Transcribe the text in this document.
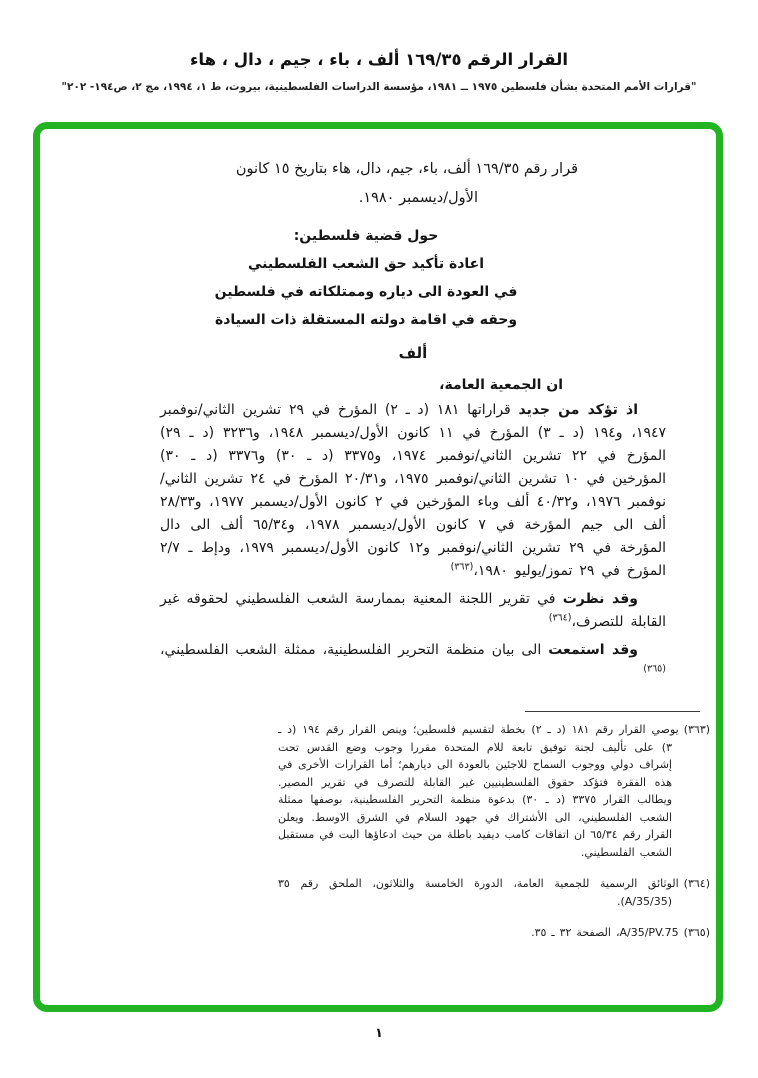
القرار الرقم ١٦٩/٣٥ ألف ، باء ، جيم ، دال ، هاء
"قرارات الأمم المتحدة بشأن فلسطين ١٩٧٥ ــ ١٩٨١، مؤسسة الدراسات الفلسطينية، بيروت، ط ١، ١٩٩٤، مج ٢، ص١٩٤- ٢٠٢"
قرار رقم ١٦٩/٣٥ ألف، باء، جيم، دال، هاء بتاريخ ١٥ كانون
الأول/ديسمبر ١٩٨٠.
حول قضية فلسطين:
اعادة تأكيد حق الشعب الفلسطيني
في العودة الى دياره وممتلكاته في فلسطين
وحقه في اقامة دولته المستقلة ذات السيادة
ألف
ان الجمعية العامة،

اذ تؤكد من جديد قراراتها ١٨١ (د ـ ٢) المؤرخ في ٢٩ تشرين الثاني/نوفمبر ١٩٤٧، و١٩٤ (د ـ ٣) المؤرخ في ١١ كانون الأول/ديسمبر ١٩٤٨، و٣٢٣٦ (د ـ ٢٩) المؤرخ في ٢٢ تشرين الثاني/نوفمبر ١٩٧٤، و٣٣٧٥ (د ـ ٣٠) و٣٣٧٦ (د ـ ٣٠) المؤرخين في ١٠ تشرين الثاني/نوفمبر ١٩٧٥، و٢٠/٣١ المؤرخ في ٢٤ تشرين الثاني/نوفمبر ١٩٧٦، و٤٠/٣٢ ألف وباء المؤرخين في ٢ كانون الأول/ديسمبر ١٩٧٧، و٢٨/٣٣ ألف الى جيم المؤرخة في ٧ كانون الأول/ديسمبر ١٩٧٨، و٦٥/٣٤ ألف الى دال المؤرخة في ٢٩ تشرين الثاني/نوفمبر و١٢ كانون الأول/ديسمبر ١٩٧٩، ودإط ـ ٢/٧ المؤرخ في ٢٩ تموز/يوليو ١٩٨٠،$^{(٣٦٣)}$

وقد نظرت في تقرير اللجنة المعنية بممارسة الشعب الفلسطيني لحقوقه غير القابلة للتصرف،$^{(٣٦٤)}$

وقد استمعت الى بيان منظمة التحرير الفلسطينية، ممثلة الشعب الفلسطيني،$^{(٣٦٥)}$

(٣٦٣)يوصي القرار رقم ١٨١ (د ـ ٢) بخطة لتقسيم فلسطين؛ وينص القرار رقم ١٩٤ (د ـ ٣) على تأليف لجنة توفيق تابعة للام المتحدة مقررا وجوب وضع القدس تحت إشراف دولي ووجوب السماح للاجئين بالعودة الى ديارهم؛ أما القرارات الأخرى في هذه الفقرة فتؤكد حقوق الفلسطينيين غير القابلة للتصرف في تقرير المصير. ويطالب القرار ٣٣٧٥ (د ـ ٣٠) بدعوة منظمة التحرير الفلسطينية، بوصفها ممثلة الشعب الفلسطيني، الى الأشتراك في جهود السلام في الشرق الاوسط. ويعلن القرار رقم ٦٥/٣٤ ان اتفاقات كامب ديفيد باطلة من حيث ادعاؤها البت في مستقبل الشعب الفلسطيني.
(٣٦٤)الوثائق الرسمية للجمعية العامة، الدورة الخامسة والثلاثون، الملحق رقم ٣٥ (A/35/35).
(٣٦٥)A/35/PV.75، الصفحة ٣٢ ـ ٣٥.
١
